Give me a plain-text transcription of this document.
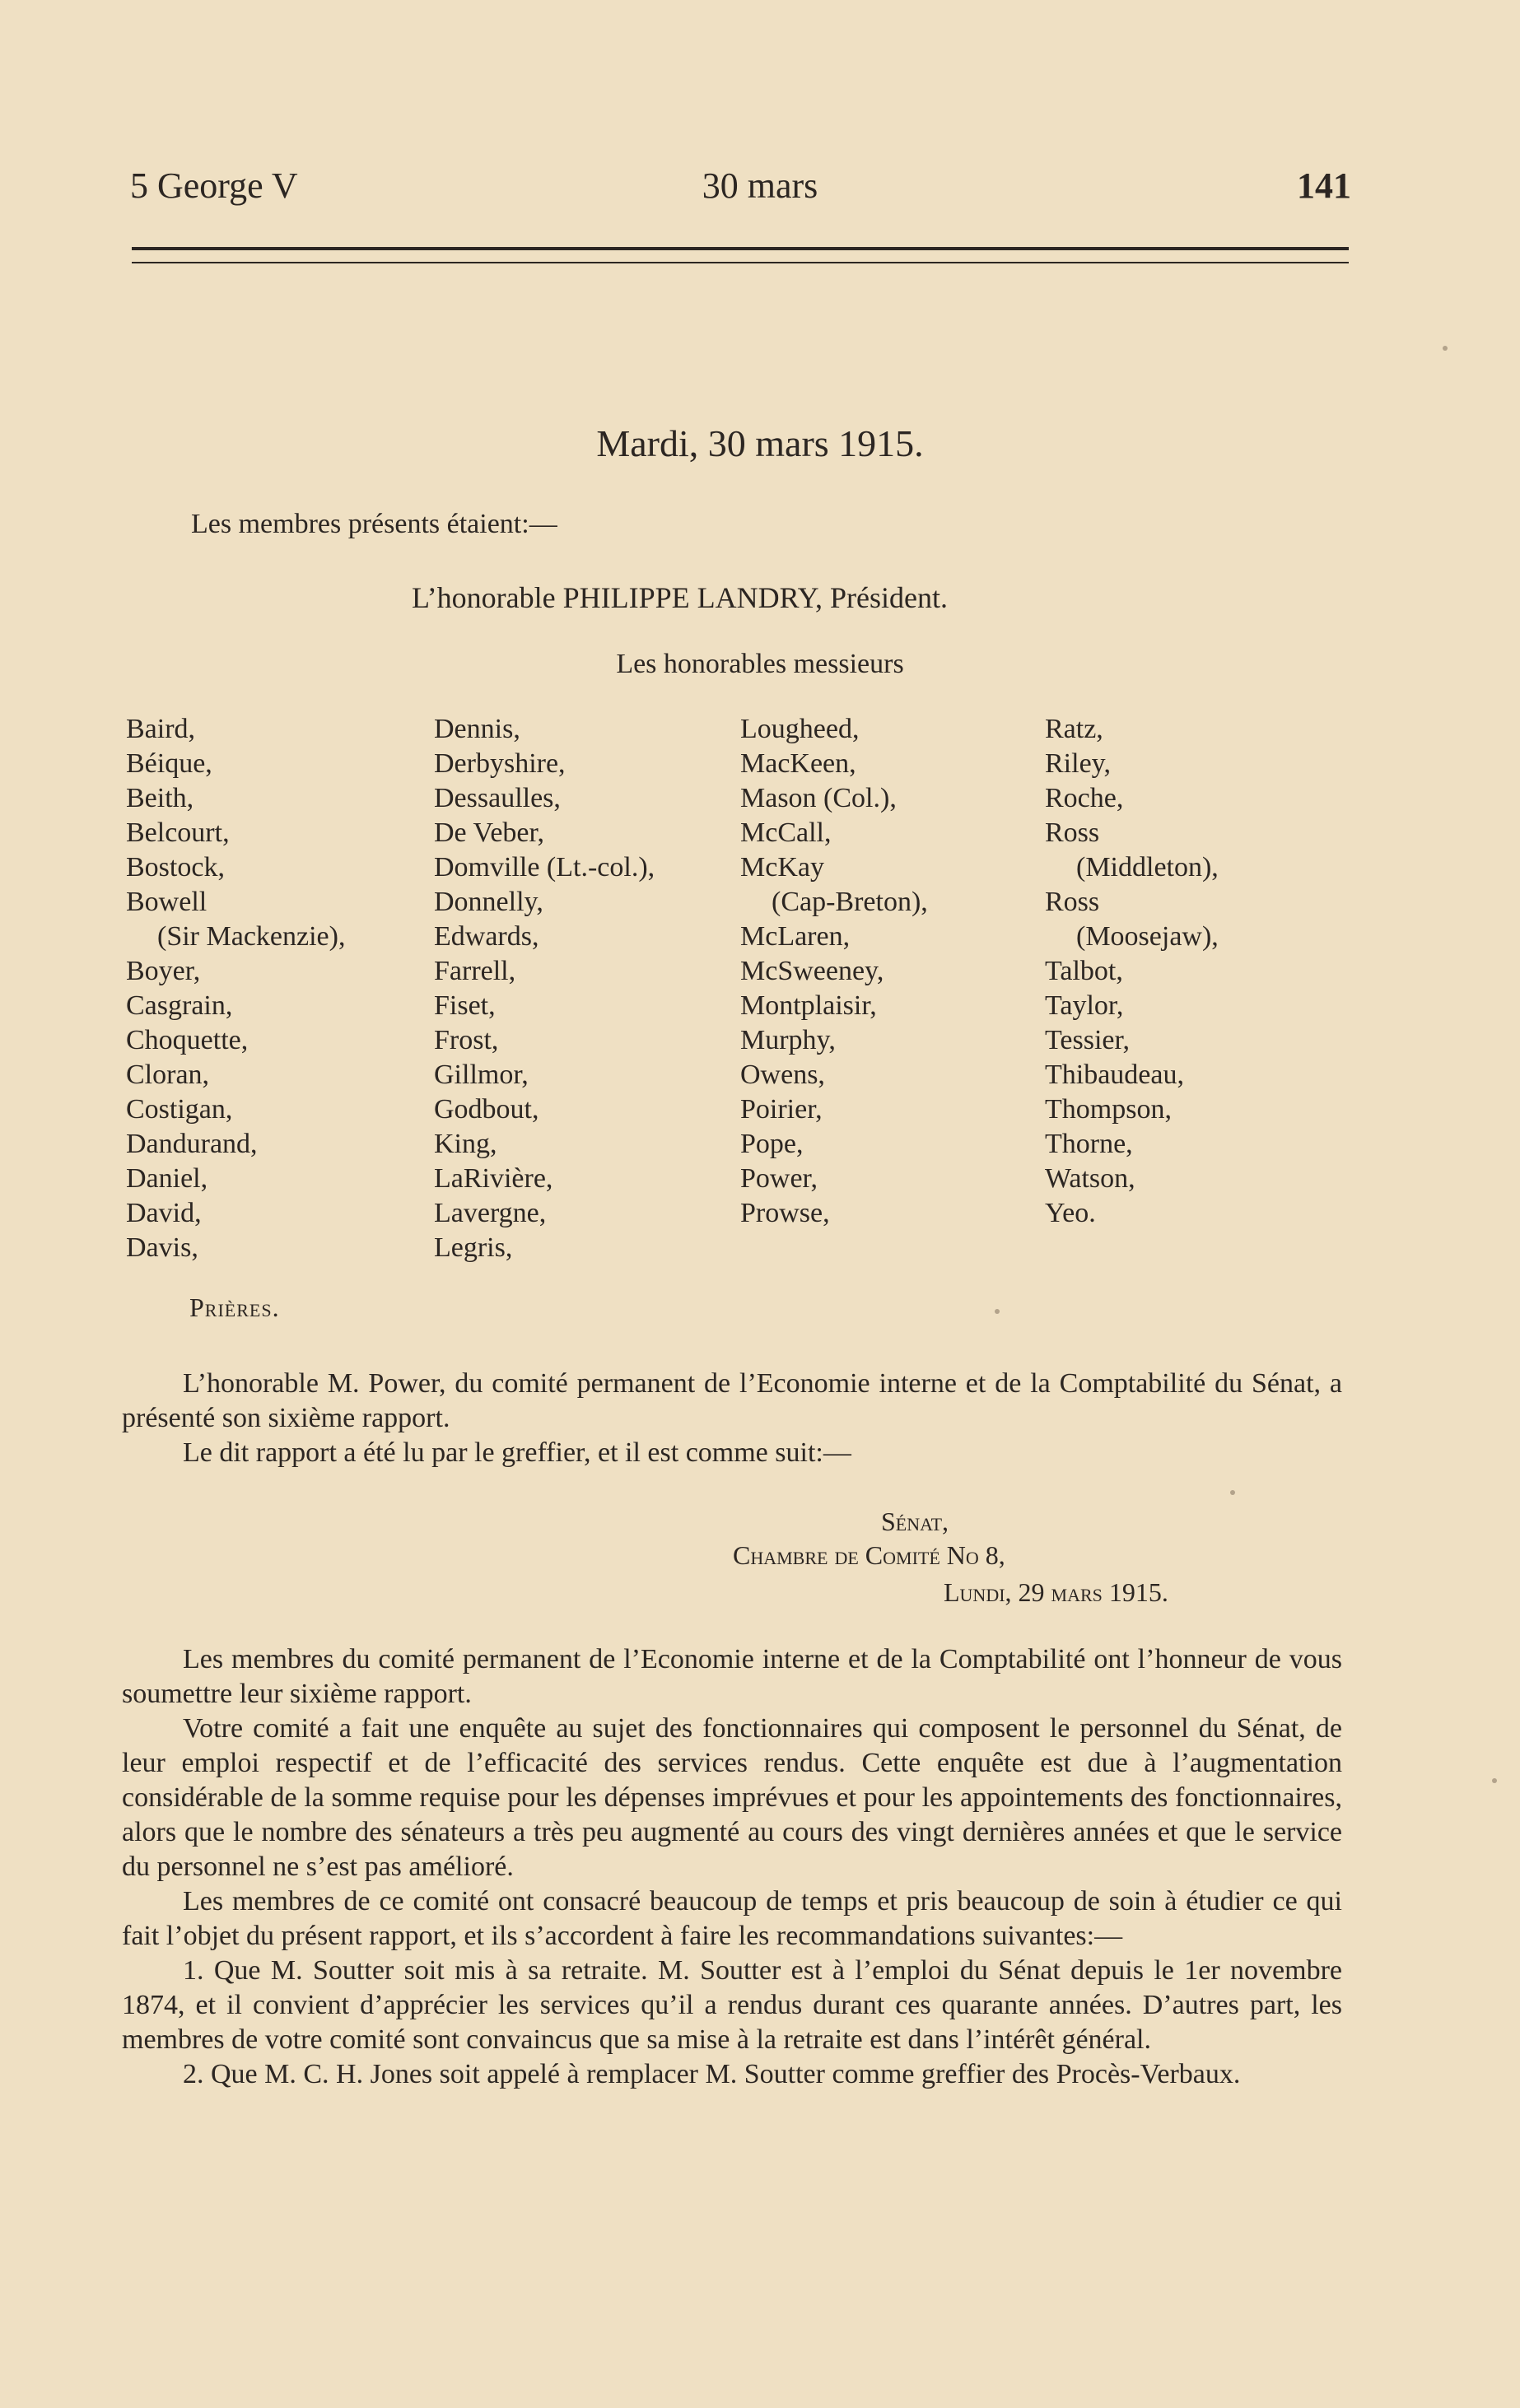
5 George V	30 mars	141
Mardi, 30 mars 1915.
Les membres présents étaient:—
L’honorable PHILIPPE LANDRY, Président.
Les honorables messieurs
Baird,
Béique,
Beith,
Belcourt,
Bostock,
Bowell
(Sir Mackenzie),
Boyer,
Casgrain,
Choquette,
Cloran,
Costigan,
Dandurand,
Daniel,
David,
Davis,
Dennis,
Derbyshire,
Dessaulles,
De Veber,
Domville (Lt.-col.),
Donnelly,
Edwards,
Farrell,
Fiset,
Frost,
Gillmor,
Godbout,
King,
LaRivière,
Lavergne,
Legris,
Lougheed,
MacKeen,
Mason (Col.),
McCall,
McKay
(Cap-Breton),
McLaren,
McSweeney,
Montplaisir,
Murphy,
Owens,
Poirier,
Pope,
Power,
Prowse,
Ratz,
Riley,
Roche,
Ross
(Middleton),
Ross
(Moosejaw),
Talbot,
Taylor,
Tessier,
Thibaudeau,
Thompson,
Thorne,
Watson,
Yeo.
Prières.

L’honorable M. Power, du comité permanent de l’Economie interne et de la Comptabilité du Sénat, a présenté son sixième rapport.

Le dit rapport a été lu par le greffier, et il est comme suit:—

Sénat,
Chambre de Comité No 8,
Lundi, 29 mars 1915.

Les membres du comité permanent de l’Economie interne et de la Comptabilité ont l’honneur de vous soumettre leur sixième rapport.

Votre comité a fait une enquête au sujet des fonctionnaires qui composent le personnel du Sénat, de leur emploi respectif et de l’efficacité des services rendus. Cette enquête est due à l’augmentation considérable de la somme requise pour les dépenses imprévues et pour les appointements des fonctionnaires, alors que le nombre des sénateurs a très peu augmenté au cours des vingt dernières années et que le service du personnel ne s’est pas amélioré.

Les membres de ce comité ont consacré beaucoup de temps et pris beaucoup de soin à étudier ce qui fait l’objet du présent rapport, et ils s’accordent à faire les recommandations suivantes:—

1. Que M. Soutter soit mis à sa retraite. M. Soutter est à l’emploi du Sénat depuis le 1er novembre 1874, et il convient d’apprécier les services qu’il a rendus durant ces quarante années. D’autres part, les membres de votre comité sont convaincus que sa mise à la retraite est dans l’intérêt général.

2. Que M. C. H. Jones soit appelé à remplacer M. Soutter comme greffier des Procès-Verbaux.
